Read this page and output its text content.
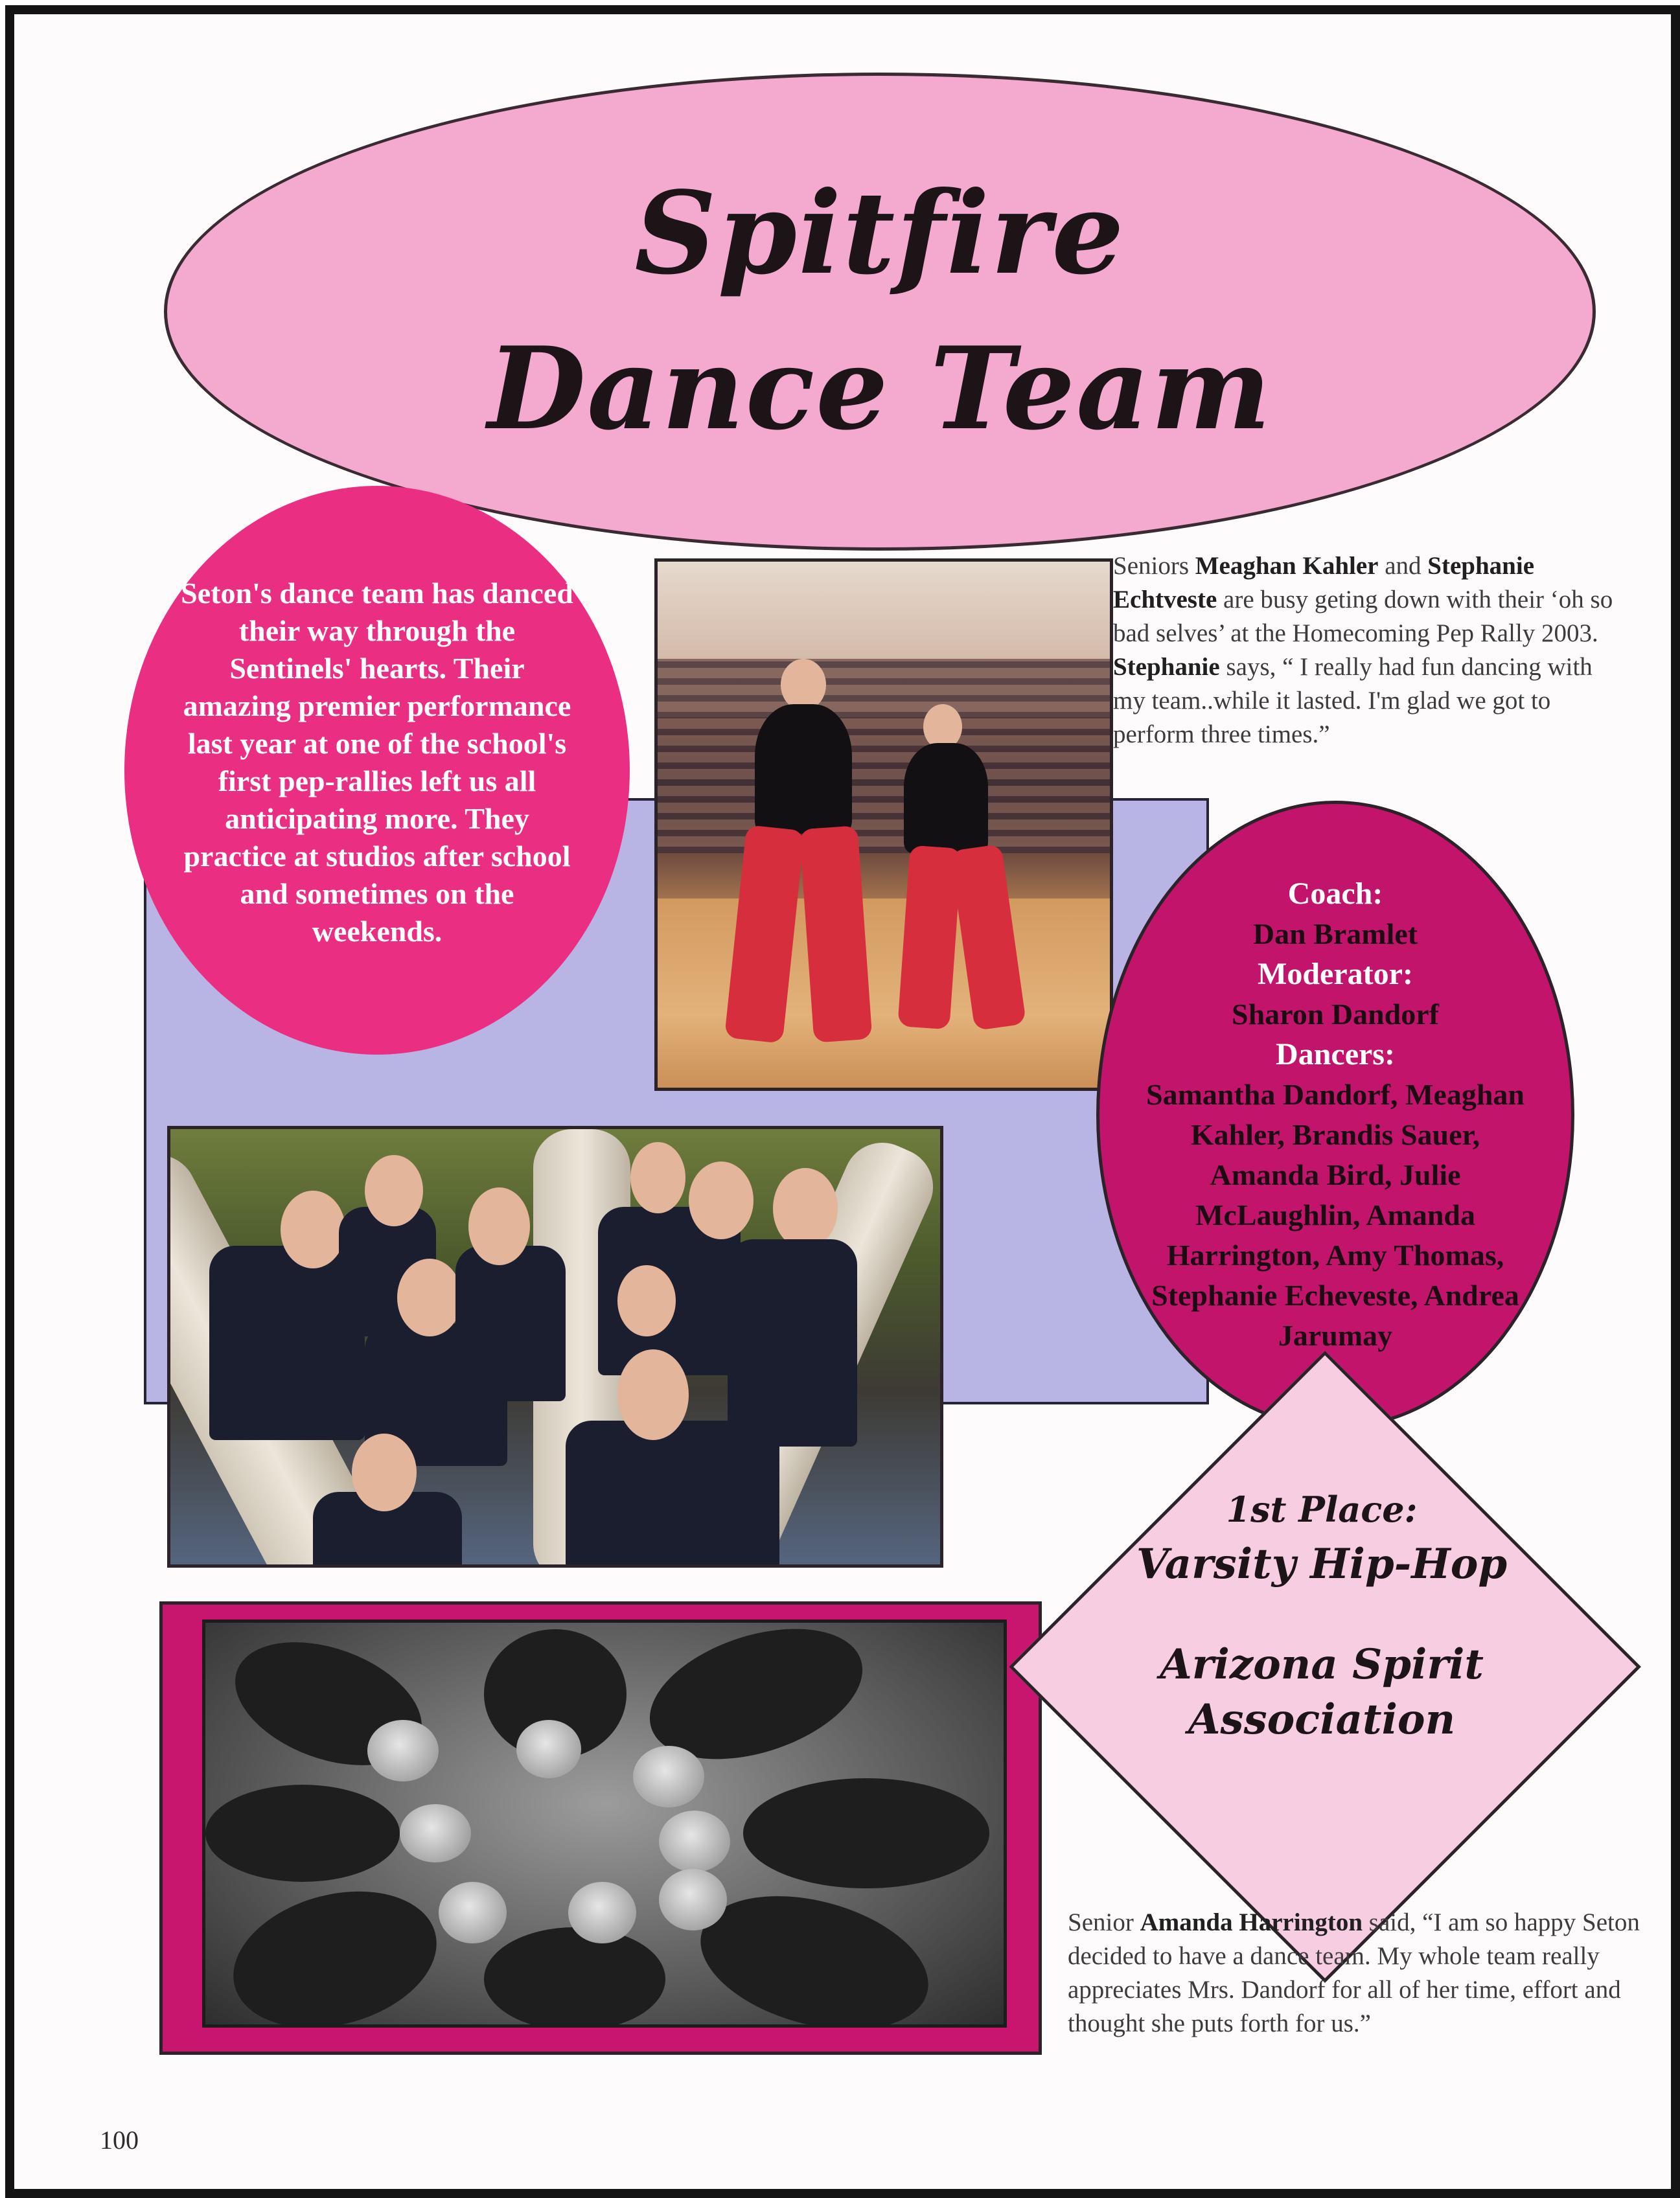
Spitfire
Dance Team
Seton's dance team has danced their way through the Sentinels' hearts. Their amazing premier performance last year at one of the school's first pep-rallies left us all anticipating more. They practice at studios after school and sometimes on the weekends.
Seniors Meaghan Kahler and Stephanie Echtveste are busy geting down with their ‘oh so bad selves’ at the Homecoming Pep Rally 2003. Stephanie says, “ I really had fun dancing with my team..while it lasted. I'm glad we got to perform three times.”
Coach:
Dan Bramlet
Moderator:
Sharon Dandorf
Dancers:
Samantha Dandorf, Meaghan Kahler, Brandis Sauer, Amanda Bird, Julie McLaughlin, Amanda Harrington, Amy Thomas, Stephanie Echeveste, Andrea Jarumay
1st Place:
Varsity Hip-Hop
Arizona Spirit
Association
Senior Amanda Harrington said, “I am so happy Seton decided to have a dance team. My whole team really appreciates Mrs. Dandorf for all of her time, effort and thought she puts forth for us.”
100
